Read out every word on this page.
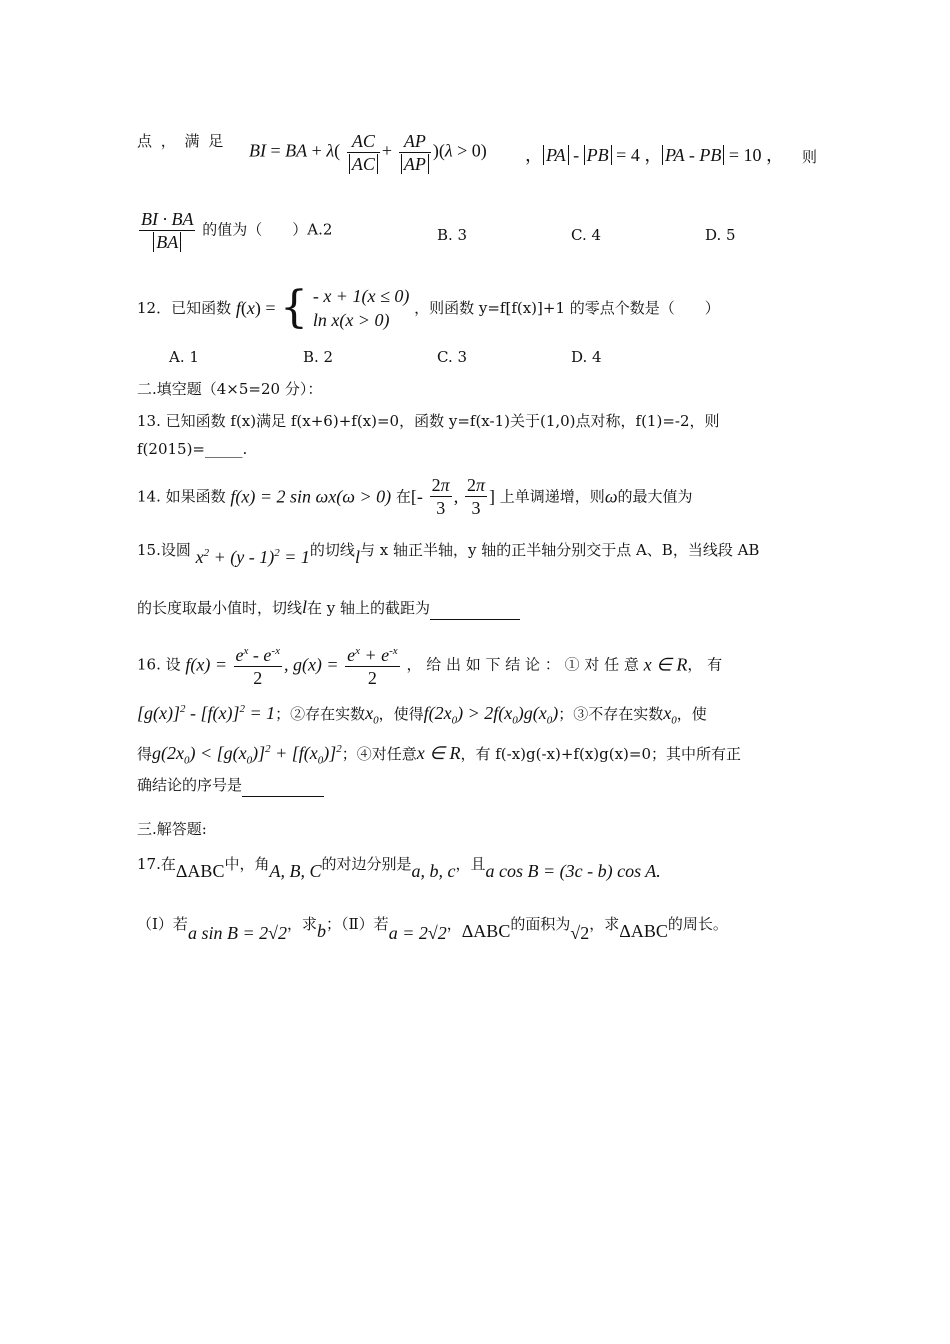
点 ， 满 足 BI = BA + $\lambda( \frac{AC}{AC} + \frac{AP}{AP} )(\lambda > 0)$ ， PA - PB = 4 ， PA - PB = 10 ， 则
$\frac{BI \cdot BA}{BA}$ 的值为（　　）A.2	B. 3	C. 4	D. 5
12．已知函数 f(x) = { - x + 1(x ≤ 0)
ln x(x > 0)
，则函数 y=f[f(x)]+1 的零点个数是（　　）
A. 1	B. 2	C. 3	D. 4
二.填空题（4×5=20 分）：
13. 已知函数 f(x)满足 f(x+6)+f(x)=0，函数 y=f(x-1)关于(1,0)点对称，f(1)=-2，则
f(2015)=_____.
14. 如果函数 f(x) = 2 sin ωx(ω > 0) 在[- $\frac{2\pi}{3}$ , $\frac{2\pi}{3}$ ] 上单调递增，则ω的最大值为
15.设圆 $x^2 + (y - 1)^2 = 1$的切线l与 x 轴正半轴，y 轴的正半轴分别交于点 A、B，当线段 AB
的长度取最小值时，切线l在 y 轴上的截距为
16. 设 $f(x) = \frac{e^x - e^{-x}}{2}$ , $g(x) = \frac{e^x + e^{-x}}{2}$ ， 给 出 如 下 结 论 ： ① 对 任 意 x ∈ R， 有
$[g(x)]^2 - [f(x)]^2 = 1$；②存在实数$x_0$，使得$f(2x_0) > 2f(x_0)g(x_0)$；③不存在实数$x_0$，使
得$g(2x_0) < [g(x_0)]^2 + [f(x_0)]^2$；④对任意x ∈ R，有 f(-x)g(-x)+f(x)g(x)=0；其中所有正
确结论的序号是
三.解答题:
17.在ΔABC中，角A, B, C的对边分别是a, b, c，且a cos B = (3c - b) cos A.
（Ⅰ）若a sin B = 2√2，求b；（Ⅱ）若a = 2√2，ΔABC的面积为√2，求ΔABC的周长。
